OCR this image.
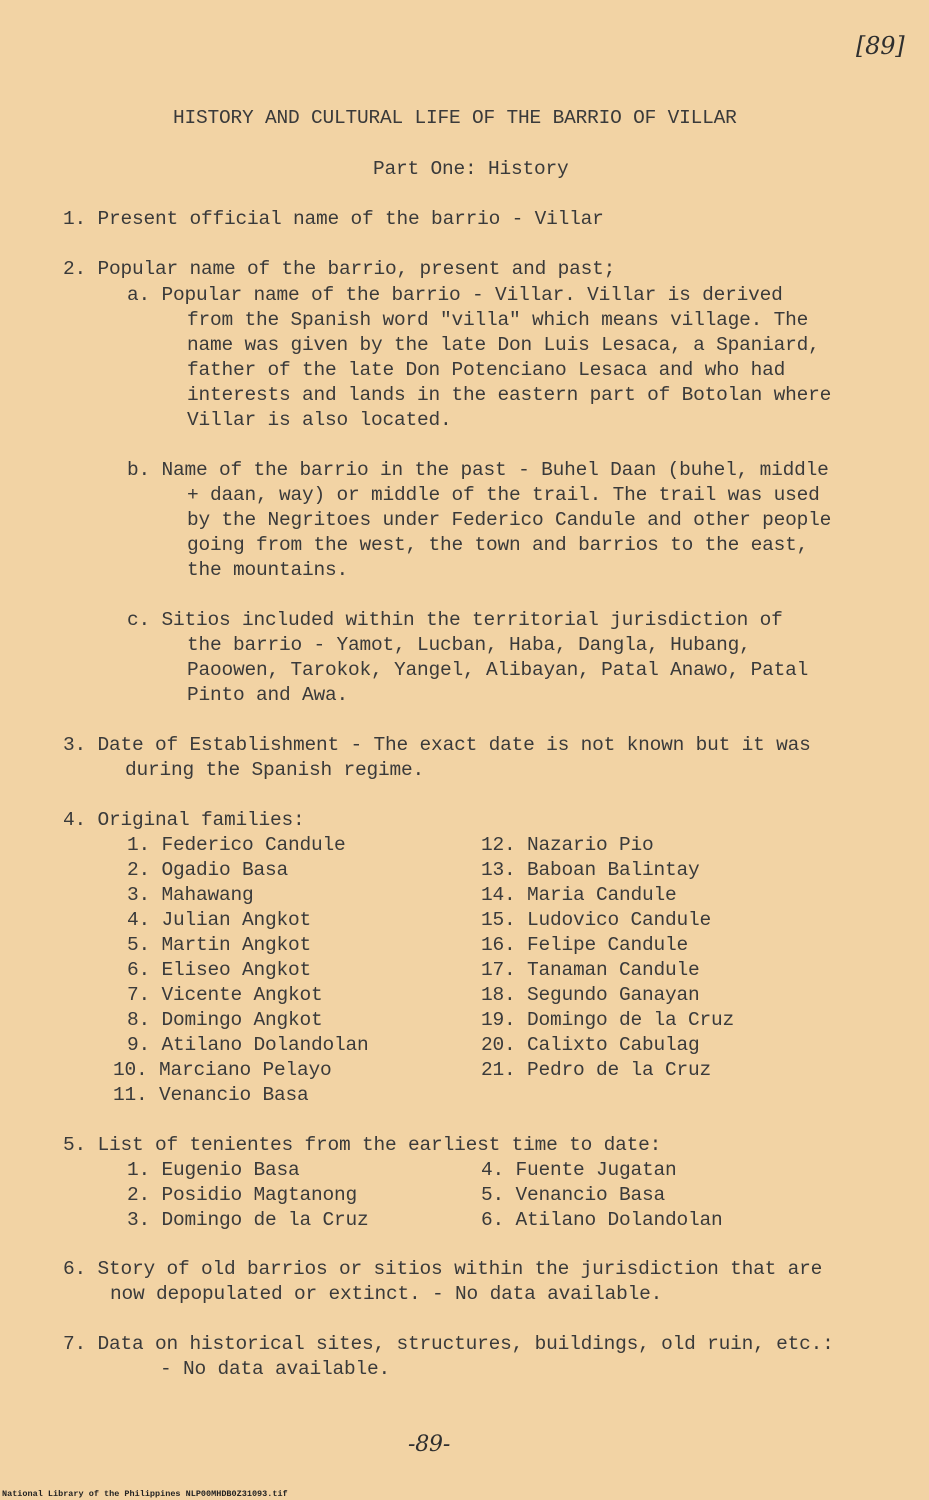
[89]
HISTORY AND CULTURAL LIFE OF THE BARRIO OF VILLAR
Part One: History
1. Present official name of the barrio - Villar
2. Popular name of the barrio, present and past;
a. Popular name of the barrio - Villar. Villar is derived
from the Spanish word "villa" which means village. The
name was given by the late Don Luis Lesaca, a Spaniard,
father of the late Don Potenciano Lesaca and who had
interests and lands in the eastern part of Botolan where
Villar is also located.
b. Name of the barrio in the past - Buhel Daan (buhel, middle
+ daan, way) or middle of the trail. The trail was used
by the Negritoes under Federico Candule and other people
going from the west, the town and barrios to the east,
the mountains.
c. Sitios included within the territorial jurisdiction of
the barrio - Yamot, Lucban, Haba, Dangla, Hubang,
Paoowen, Tarokok, Yangel, Alibayan, Patal Anawo, Patal
Pinto and Awa.
3. Date of Establishment - The exact date is not known but it was
during the Spanish regime.
4. Original families:
1. Federico Candule
2. Ogadio Basa
3. Mahawang
4. Julian Angkot
5. Martin Angkot
6. Eliseo Angkot
7. Vicente Angkot
8. Domingo Angkot
9. Atilano Dolandolan
10. Marciano Pelayo
11. Venancio Basa
12. Nazario Pio
13. Baboan Balintay
14. Maria Candule
15. Ludovico Candule
16. Felipe Candule
17. Tanaman Candule
18. Segundo Ganayan
19. Domingo de la Cruz
20. Calixto Cabulag
21. Pedro de la Cruz
5. List of tenientes from the earliest time to date:
1. Eugenio Basa
2. Posidio Magtanong
3. Domingo de la Cruz
4. Fuente Jugatan
5. Venancio Basa
6. Atilano Dolandolan
6. Story of old barrios or sitios within the jurisdiction that are
now depopulated or extinct. - No data available.
7. Data on historical sites, structures, buildings, old ruin, etc.:
- No data available.
-89-
National Library of the Philippines NLP00MHDB0Z31093.tif
